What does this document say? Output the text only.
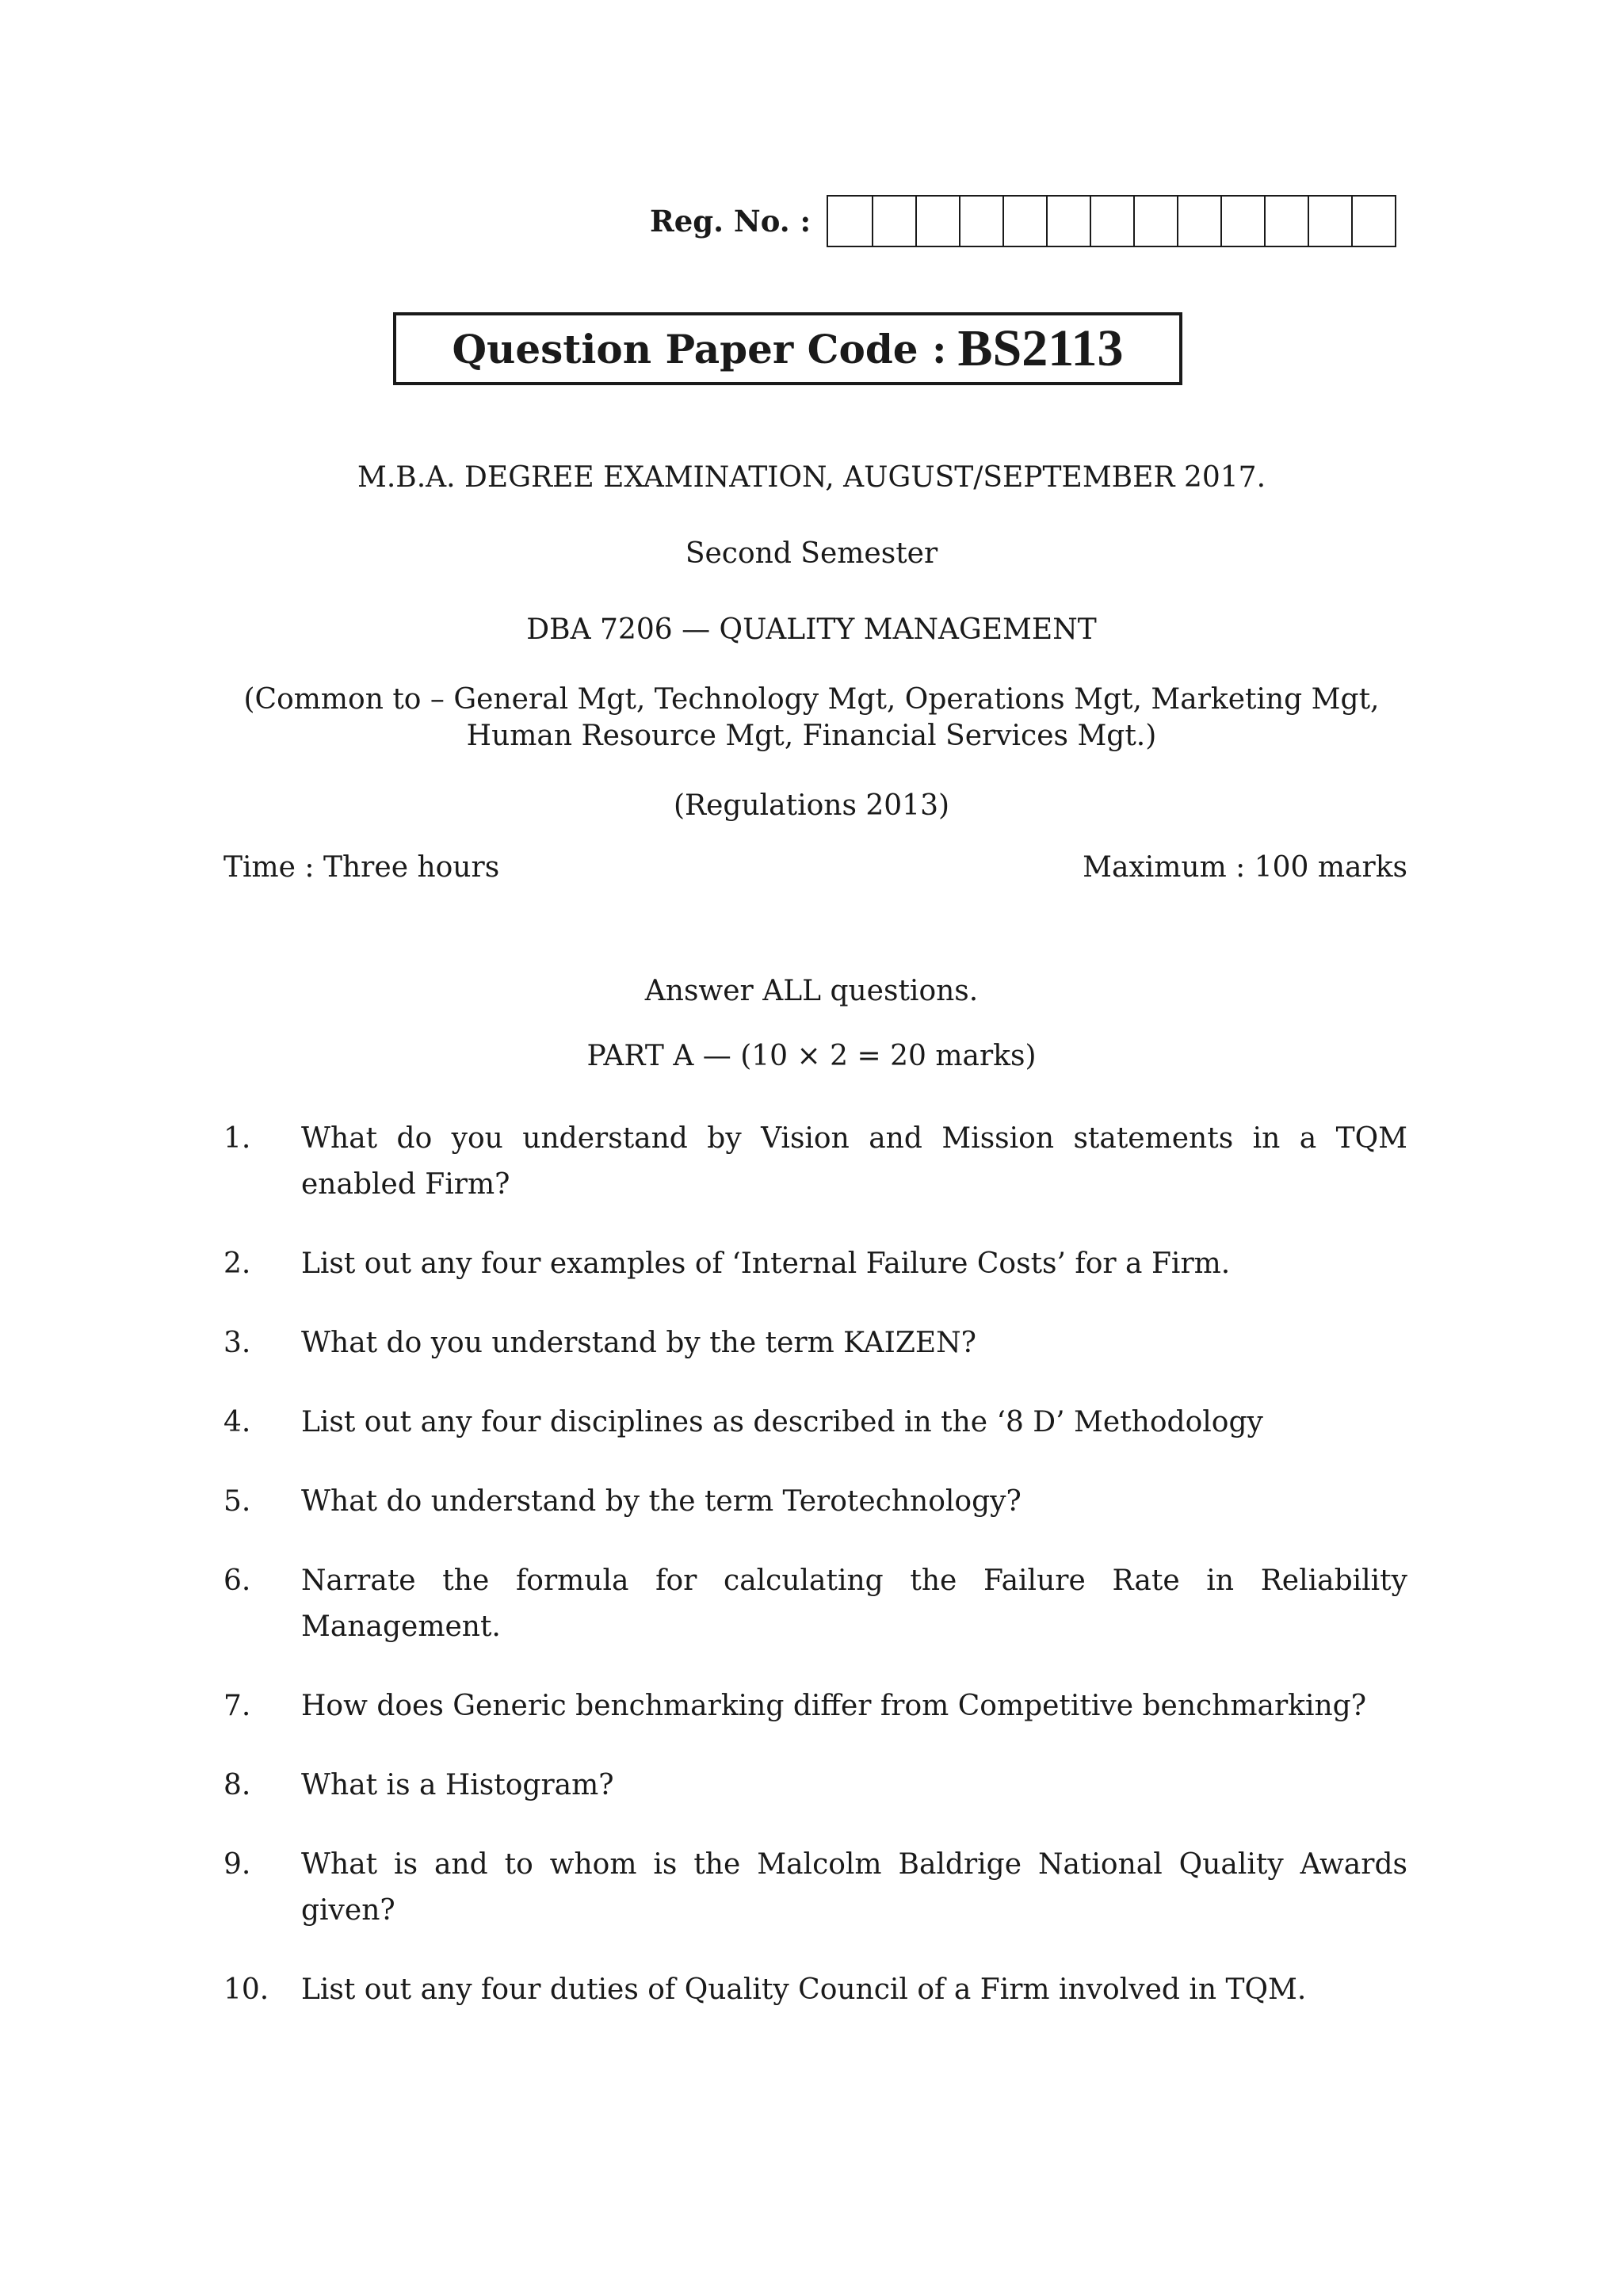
Reg. No. :
Question Paper Code : BS2113
M.B.A. DEGREE EXAMINATION, AUGUST/SEPTEMBER 2017.
Second Semester
DBA 7206 — QUALITY MANAGEMENT
(Common to – General Mgt, Technology Mgt, Operations Mgt, Marketing Mgt,
Human Resource Mgt, Financial Services Mgt.)
(Regulations 2013)
Time : Three hours	Maximum : 100 marks
Answer ALL questions.
PART A — (10 × 2 = 20 marks)
1.	What do you understand by Vision and Mission statements in a TQM enabled Firm?
2.	List out any four examples of ‘Internal Failure Costs’ for a Firm.
3.	What do you understand by the term KAIZEN?
4.	List out any four disciplines as described in the ‘8 D’ Methodology
5.	What do understand by the term Terotechnology?
6.	Narrate the formula for calculating the Failure Rate in Reliability Management.
7.	How does Generic benchmarking differ from Competitive benchmarking?
8.	What is a Histogram?
9.	What is and to whom is the Malcolm Baldrige National Quality Awards given?
10.	List out any four duties of Quality Council of a Firm involved in TQM.
